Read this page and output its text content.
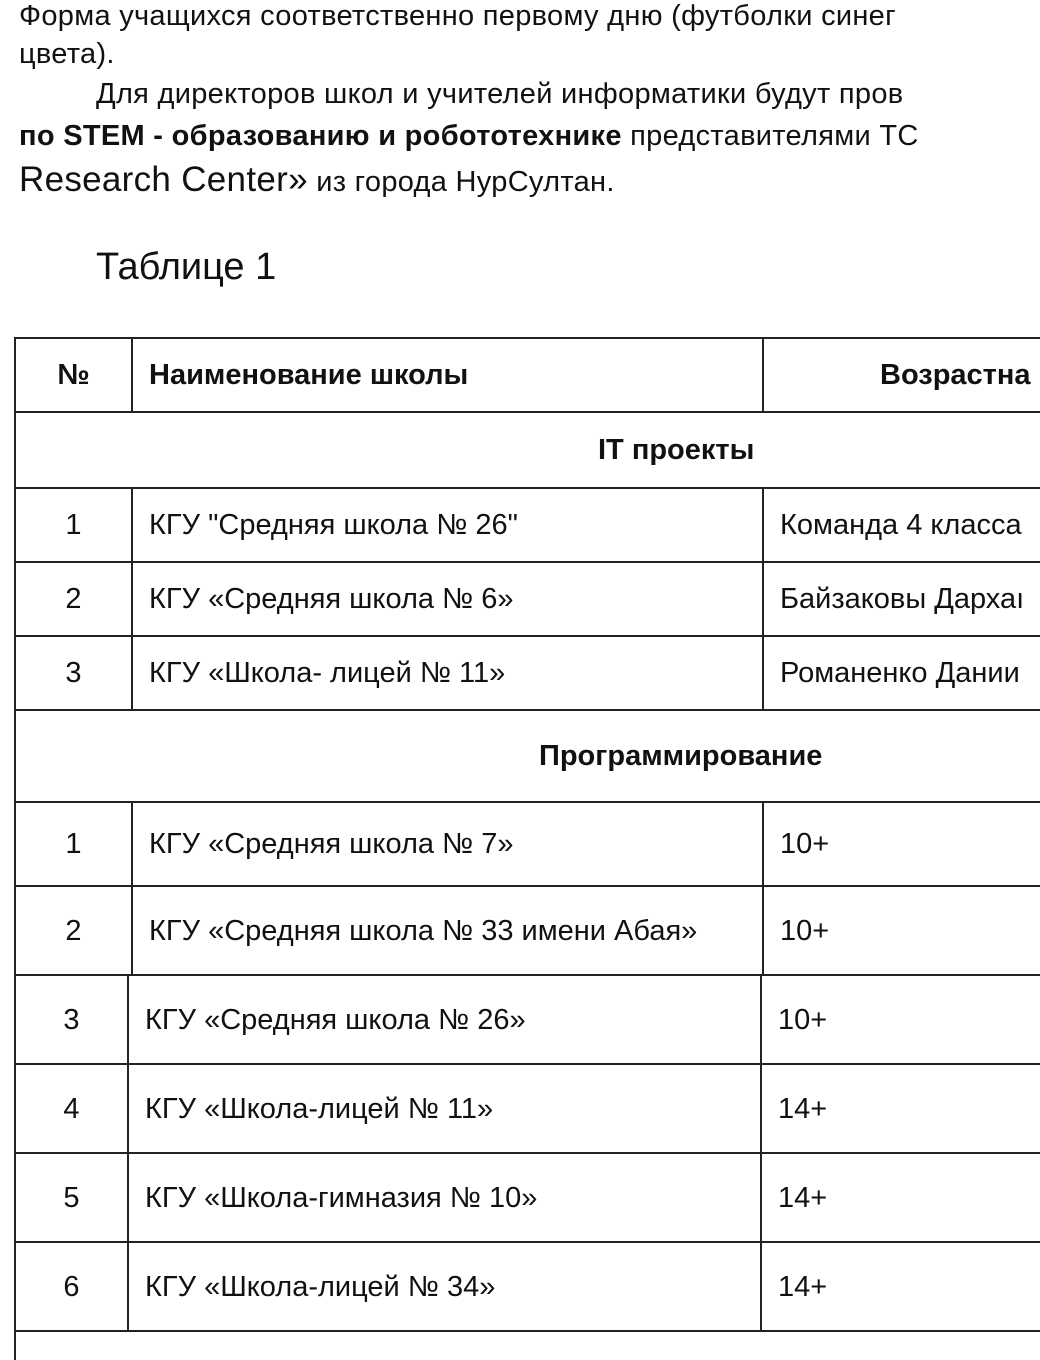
Форма учащихся соответственно первому дню (футболки синег
цвета).
Для директоров школ и учителей информатики будут пров
по STEM - образованию и робототехнике представителями ТС
Research Center» из города НурСултан.
Таблице 1
№	Наименование школы	Возрастна
IT проекты
1	КГУ "Средняя школа № 26"	Команда 4 класса
2	КГУ «Средняя школа № 6»	Байзаковы Дархаı
3	КГУ «Школа- лицей № 11»	Романенко Дании
Программирование
1	КГУ «Средняя школа № 7»	10+
2	КГУ «Средняя школа № 33 имени Абая»	10+
3	КГУ «Средняя школа № 26»	10+
4	КГУ «Школа-лицей № 11»	14+
5	КГУ «Школа-гимназия № 10»	14+
6	КГУ «Школа-лицей № 34»	14+
